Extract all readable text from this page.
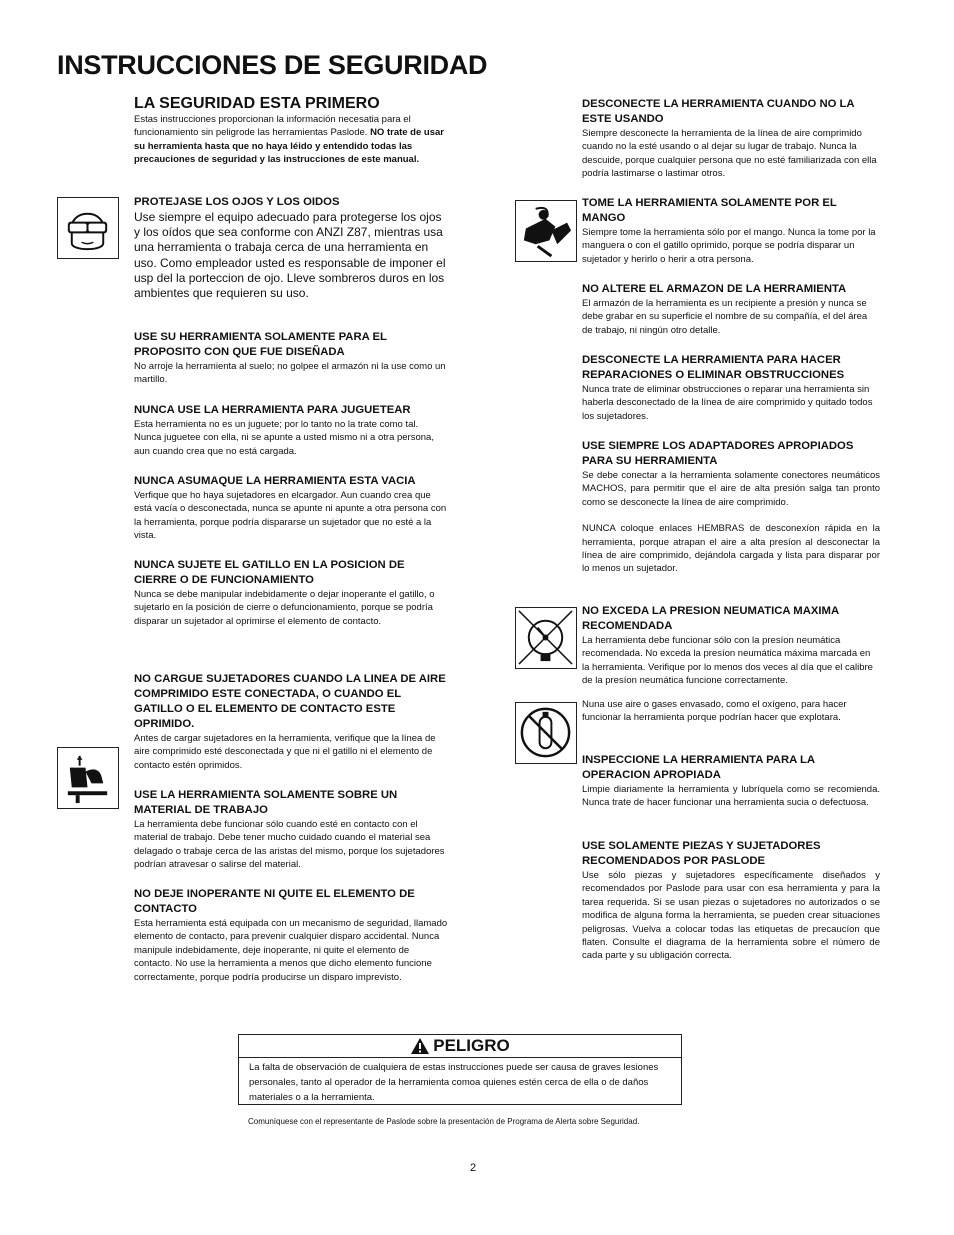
INSTRUCCIONES DE SEGURIDAD
LA SEGURIDAD ESTA PRIMERO

Estas instrucciones proporcionan la información necesatia para el funcionamiento sin peligrode las herramientas Paslode. NO trate de usar su herramienta hasta que no haya léido y entendido todas las precauciones de seguridad y las instrucciones de este manual.

PROTEJASE LOS OJOS Y LOS OIDOS

Use siempre el equipo adecuado para protegerse los ojos y los oídos que sea conforme con ANZI Z87, mientras usa una herramienta o trabaja cerca de una herramienta en uso. Como empleador usted es responsable de imponer el usp del la porteccion de ojo. Lleve sombreros duros en los ambientes que requieren su uso.

USE SU HERRAMIENTA SOLAMENTE PARA EL PROPOSITO CON QUE FUE DISEÑADA

No arroje la herramienta al suelo; no golpee el armazón ni la use como un martillo.

NUNCA USE LA HERRAMIENTA PARA JUGUETEAR

Esta herramienta no es un juguete; por lo tanto no la trate como tal. Nunca juguetee con ella, ni se apunte a usted mismo ni a otra persona, aun cuando crea que no está cargada.

NUNCA ASUMAQUE LA HERRAMIENTA ESTA VACIA

Verfique que ho haya sujetadores en elcargador. Aun cuando crea que está vacía o desconectada, nunca se apunte ni apunte a otra persona con la herramienta, porque podría dispararse un sujetador que no esté a la vista.

NUNCA SUJETE EL GATILLO EN LA POSICION DE CIERRE O DE FUNCIONAMIENTO

Nunca se debe manipular indebidamente o dejar inoperante el gatillo, o sujetarlo en la posición de cierre o defuncionamiento, porque se podría disparar un sujetador al oprimirse el elemento de contacto.

NO CARGUE SUJETADORES CUANDO LA LINEA DE AIRE COMPRIMIDO ESTE CONECTADA, O CUANDO EL GATILLO O EL ELEMENTO DE CONTACTO ESTE OPRIMIDO.

Antes de cargar sujetadores en la herramienta, verifique que la línea de aire comprimido esté desconectada y que ni el gatillo ni el elemento de contacto estén oprimidos.

USE LA HERRAMIENTA SOLAMENTE SOBRE UN MATERIAL DE TRABAJO

La herramienta debe funcionar sólo cuando esté en contacto con el material de trabajo. Debe tener mucho cuidado cuando el material sea delagado o trabaje cerca de las aristas del mismo, porque los sujetadores podrían atravesar o salirse del material.

NO DEJE INOPERANTE NI QUITE EL ELEMENTO DE CONTACTO

Esta herramienta está equipada con un mecanismo de seguridad, llamado elemento de contacto, para prevenir cualquier disparo accidental. Nunca manipule indebidamente, deje inoperante, ni quite el elemento de contacto. No use la herramienta a menos que dicho elemento funcione correctamente, porque podría producirse un disparo imprevisto.

DESCONECTE LA HERRAMIENTA CUANDO NO LA ESTE USANDO

Siempre desconecte la herramienta de la línea de aire comprimido cuando no la esté usando o al dejar su lugar de trabajo. Nunca la descuide, porque cualquier persona que no esté familiarizada con ella podría lastimarse o lastimar otros.

TOME LA HERRAMIENTA SOLAMENTE POR EL MANGO

Siempre tome la herramienta sólo por el mango. Nunca la tome por la manguera o con el gatillo oprimido, porque se podría disparar un sujetador y herirlo o herir a otra persona.

NO ALTERE EL ARMAZON DE LA HERRAMIENTA

El armazón de la herramienta es un recipiente a presión y nunca se debe grabar en su superficie el nombre de su compañía, el del área de trabajo, ni ningún otro detalle.

DESCONECTE LA HERRAMIENTA PARA HACER REPARACIONES O ELIMINAR OBSTRUCCIONES

Nunca trate de eliminar obstrucciones o reparar una herramienta sin haberla desconectado de la línea de aire comprimido y quitado todos los sujetadores.

USE SIEMPRE LOS ADAPTADORES APROPIADOS PARA SU HERRAMIENTA

Se debe conectar a la herramienta solamente conectores neumáticos MACHOS, para permitir que el aire de alta presión salga tan pronto como se desconecte la línea de aire comprimido.

NUNCA coloque enlaces HEMBRAS de desconexíon rápida en la herramienta, porque atrapan el aire a alta presíon al desconectar la línea de aire comprimido, dejándola cargada y lista para disparar por lo menos un sujetador.

NO EXCEDA LA PRESION NEUMATICA MAXIMA RECOMENDADA

La herramienta debe funcionar sólo con la presíon neumática recomendada. No exceda la presíon neumática máxima marcada en la herramienta. Verifique por lo menos dos veces al día que el calibre de la presíon neumática funcione correctamente.

Nuna use aire o gases envasado, como el oxígeno, para hacer funcionar la herramienta porque podrían hacer que explotara.

INSPECCIONE LA HERRAMIENTA PARA LA OPERACION APROPIADA

Limpie diariamente la herramienta y lubríquela como se recomienda. Nunca trate de hacer funcionar una herramienta sucia o defectuosa.

USE SOLAMENTE PIEZAS Y SUJETADORES RECOMENDADOS POR PASLODE

Use sólo piezas y sujetadores específicamente diseñados y recomendados por Paslode para usar con esa herramienta y para la tarea requerida. Si se usan piezas o sujetadores no autorizados o se modifica de alguna forma la herramienta, se pueden crear situaciones peligrosas. Vuelva a colocar todas las etiquetas de precaucíon que flaten. Consulte el diagrama de la herramienta sobre el número de cada parte y su ubligación correcta.

PELIGRO
La falta de observación de cualquiera de estas instrucciones puede ser causa de graves lesiones personales, tanto al operador de la herramienta comoa quienes estén cerca de ella o de daños materiales o a la herramienta.
Comuníquese con el representante de Paslode sobre la presentación de Programa de Alerta sobre Seguridad.
2
